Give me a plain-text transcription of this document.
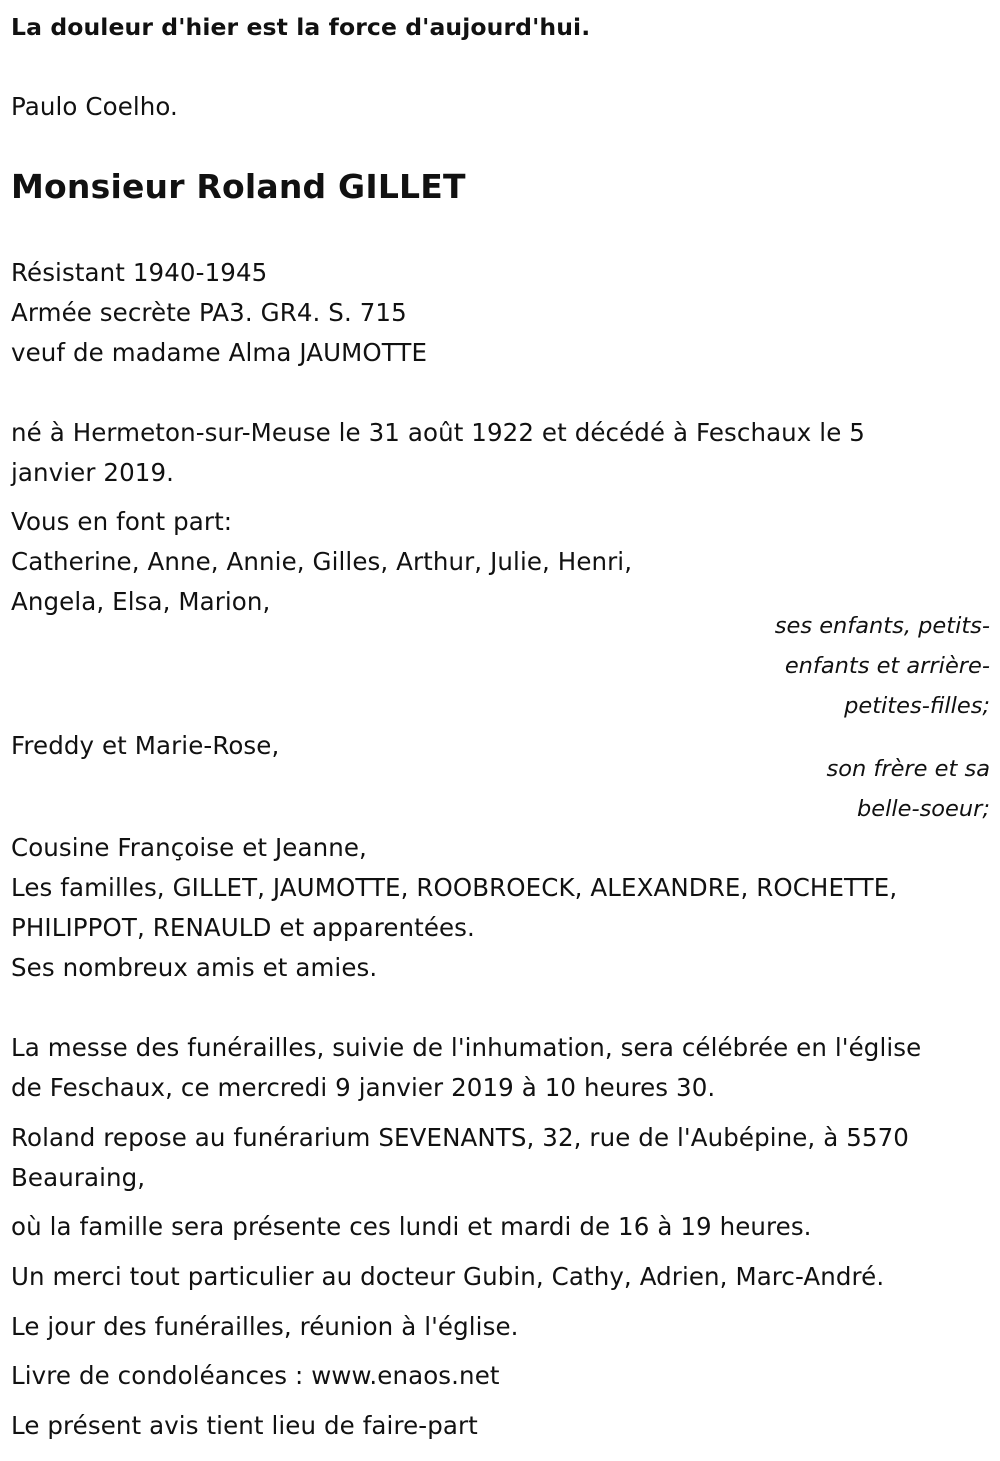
La douleur d'hier est la force d'aujourd'hui.

Paulo Coelho.

Monsieur Roland GILLET

Résistant 1940-1945

Armée secrète PA3. GR4. S. 715

veuf de madame Alma JAUMOTTE

né à Hermeton-sur-Meuse le 31 août 1922 et décédé à Feschaux le 5

janvier 2019.

Vous en font part:

Catherine, Anne, Annie, Gilles, Arthur, Julie, Henri,

Angela, Elsa, Marion,

ses enfants, petits-

enfants et arrière-

petites-filles;

Freddy et Marie-Rose,

son frère et sa

belle-soeur;

Cousine Françoise et Jeanne,

Les familles, GILLET, JAUMOTTE, ROOBROECK, ALEXANDRE, ROCHETTE,

PHILIPPOT, RENAULD et apparentées.

Ses nombreux amis et amies.

La messe des funérailles, suivie de l'inhumation, sera célébrée en l'église

de Feschaux, ce mercredi 9 janvier 2019 à 10 heures 30.

Roland repose au funérarium SEVENANTS, 32, rue de l'Aubépine, à 5570

Beauraing,

où la famille sera présente ces lundi et mardi de 16 à 19 heures.

Un merci tout particulier au docteur Gubin, Cathy, Adrien, Marc-André.

Le jour des funérailles, réunion à l'église.

Livre de condoléances : www.enaos.net

Le présent avis tient lieu de faire-part
